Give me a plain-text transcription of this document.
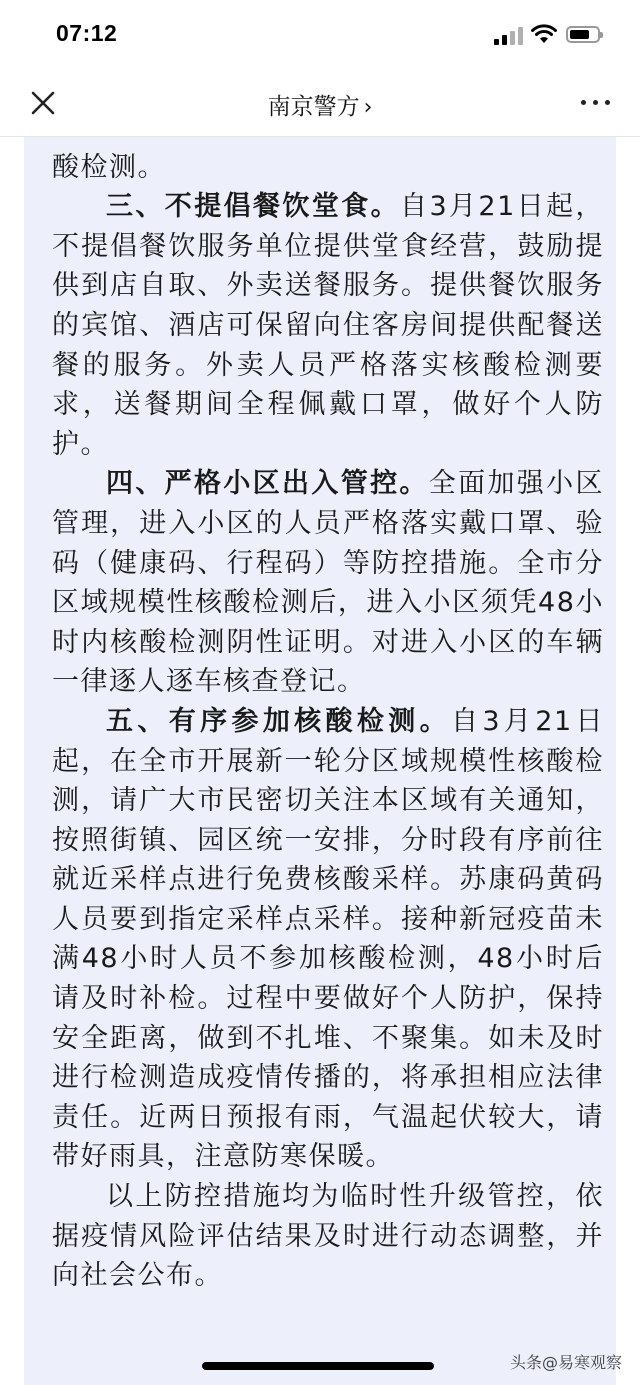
07:12
南京警方 ›

酸检测。

三、不提倡餐饮堂食。自3月21日起，不提倡餐饮服务单位提供堂食经营，鼓励提供到店自取、外卖送餐服务。提供餐饮服务的宾馆、酒店可保留向住客房间提供配餐送餐的服务。外卖人员严格落实核酸检测要求，送餐期间全程佩戴口罩，做好个人防护。

四、严格小区出入管控。全面加强小区管理，进入小区的人员严格落实戴口罩、验码（健康码、行程码）等防控措施。全市分区域规模性核酸检测后，进入小区须凭48小时内核酸检测阴性证明。对进入小区的车辆一律逐人逐车核查登记。

五、有序参加核酸检测。自3月21日起，在全市开展新一轮分区域规模性核酸检测，请广大市民密切关注本区域有关通知，按照街镇、园区统一安排，分时段有序前往就近采样点进行免费核酸采样。苏康码黄码人员要到指定采样点采样。接种新冠疫苗未满48小时人员不参加核酸检测，48小时后请及时补检。过程中要做好个人防护，保持安全距离，做到不扎堆、不聚集。如未及时进行检测造成疫情传播的，将承担相应法律责任。近两日预报有雨，气温起伏较大，请带好雨具，注意防寒保暖。

以上防控措施均为临时性升级管控，依据疫情风险评估结果及时进行动态调整，并向社会公布。

头条@易寒观察
